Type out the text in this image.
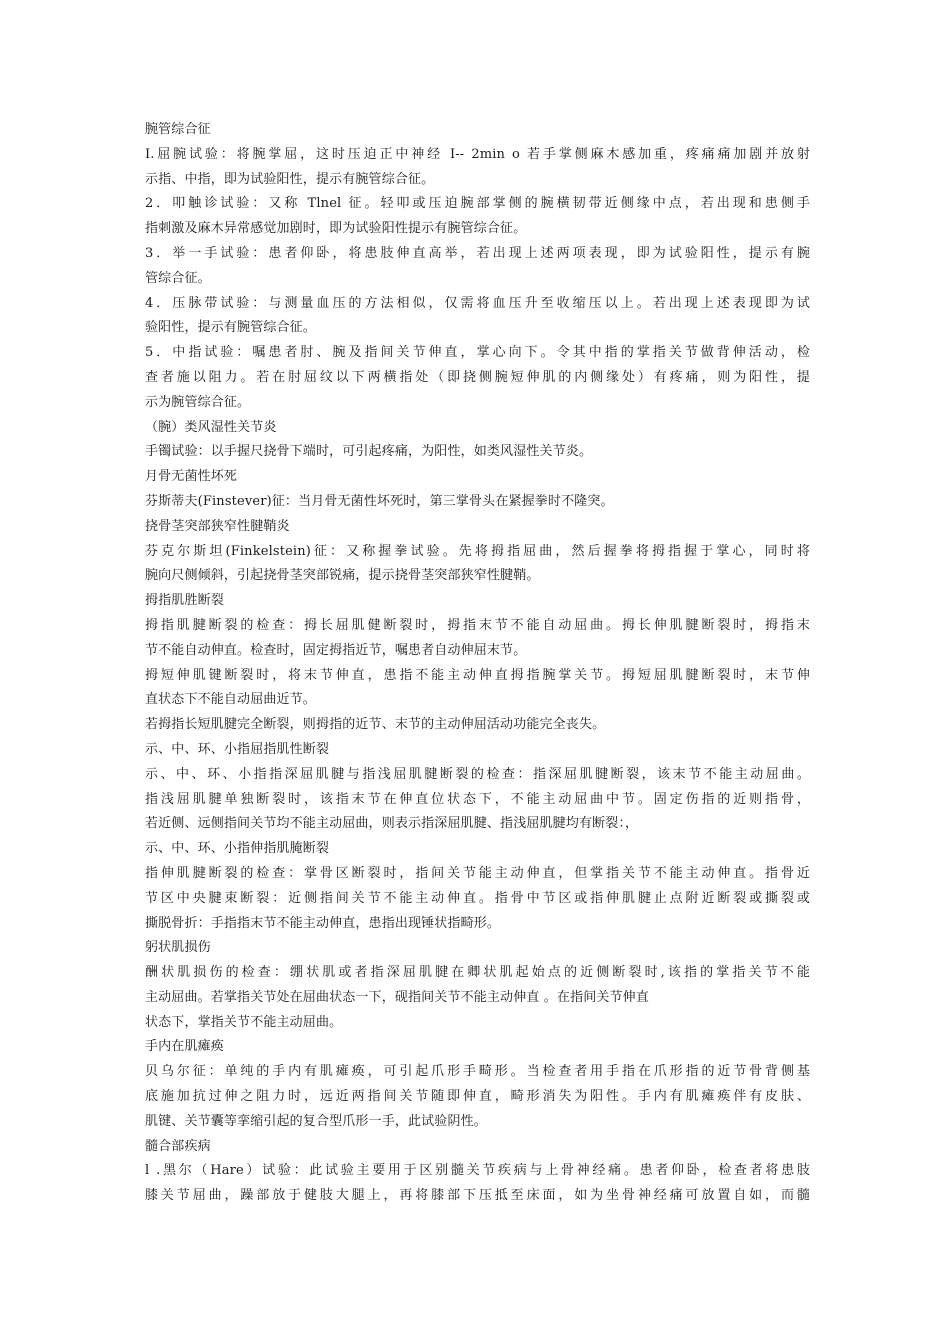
腕管综合征
I.屈腕试验：将腕掌屈，这时压迫正中神经 I-- 2min o 若手掌侧麻木感加重，疼痛痛加剧并放射
示指、中指，即为试验阳性，提示有腕管综合征。
2．叩触诊试验：又称 Tlnel 征。轻叩或压迫腕部掌侧的腕横韧带近侧缘中点，若出现和患侧手
指刺激及麻木异常感觉加剧时，即为试验阳性提示有腕管综合征。
3．举一手试验：患者仰卧，将患肢伸直高举，若出现上述两项表现，即为试验阳性，提示有腕
管综合征。
4．压脉带试验：与测量血压的方法相似，仅需将血压升至收缩压以上。若出现上述表现即为试
验阳性，提示有腕管综合征。
5．中指试验：嘱患者肘、腕及指间关节伸直，掌心向下。令其中指的掌指关节做背伸活动，检
查者施以阻力。若在肘屈纹以下两横指处（即挠侧腕短伸肌的内侧缘处）有疼痛，则为阳性，提
示为腕管综合征。
（腕）类风湿性关节炎
手镯试验：以手握尺挠骨下端时，可引起疼痛，为阳性，如类风湿性关节炎。
月骨无菌性坏死
芬斯蒂夫(Finstever)征：当月骨无菌性坏死时，第三掌骨头在紧握拳时不隆突。
挠骨茎突部狭窄性腱鞘炎
芬克尔斯坦(Finkelstein)征：又称握拳试验。先将拇指屈曲，然后握拳将拇指握于掌心，同时将
腕向尺侧倾斜，引起挠骨茎突部锐痛，提示挠骨茎突部狭窄性腱鞘。
拇指肌胜断裂
拇指肌腱断裂的检查：拇长屈肌健断裂时，拇指末节不能自动屈曲。拇长伸肌腱断裂时，拇指末
节不能自动伸直。检查时，固定拇指近节，嘱患者自动伸屈末节。
拇短伸肌键断裂时，将末节伸直，患指不能主动伸直拇指腕掌关节。拇短屈肌腱断裂时，末节伸
直状态下不能自动屈曲近节。
若拇指长短肌腱完全断裂，则拇指的近节、末节的主动伸屈活动功能完全丧失。
示、中、环、小指屈指肌性断裂
示、中、环、小指指深屈肌腱与指浅屈肌腱断裂的检查：指深屈肌腱断裂，该末节不能主动屈曲。
指浅屈肌腱单独断裂时，该指末节在伸直位状态下，不能主动屈曲中节。固定伤指的近则指骨，
若近侧、远侧指间关节均不能主动屈曲，则表示指深屈肌腱、指浅屈肌腱均有断裂：，
示、中、环、小指伸指肌腌断裂
指伸肌腱断裂的检查：掌骨区断裂时，指间关节能主动伸直，但掌指关节不能主动伸直。指骨近
节区中央腱束断裂：近侧指间关节不能主动伸直。指骨中节区或指伸肌腱止点附近断裂或撕裂或
撕脱骨折：手指指末节不能主动伸直，患指出现锤状指畸形。
躬状肌损伤
酬状肌损伤的检查：绷状肌或者指深屈肌腱在卿状肌起始点的近侧断裂时,该指的掌指关节不能
主动屈曲。若掌指关节处在屈曲状态一下，砚指间关节不能主动伸直 。在指间关节伸直
状态下，掌指关节不能主动屈曲。
手内在肌瘫痪
贝乌尔征：单纯的手内有肌瘫痪，可引起爪形手畸形。当检查者用手指在爪形指的近节骨背侧基
底施加抗过伸之阻力时，远近两指间关节随即伸直，畸形消失为阳性。手内有肌瘫痪伴有皮肤、
肌键、关节囊等挛缩引起的复合型爪形一手，此试验阴性。
髓合部疾病
l .黑尔（Hare）试验：此试验主要用于区别髓关节疾病与上骨神经痛。患者仰卧，检查者将患肢
膝关节屈曲，躁部放于健肢大腿上，再将膝部下压抵至床面，如为坐骨神经痛可放置自如，而髓
